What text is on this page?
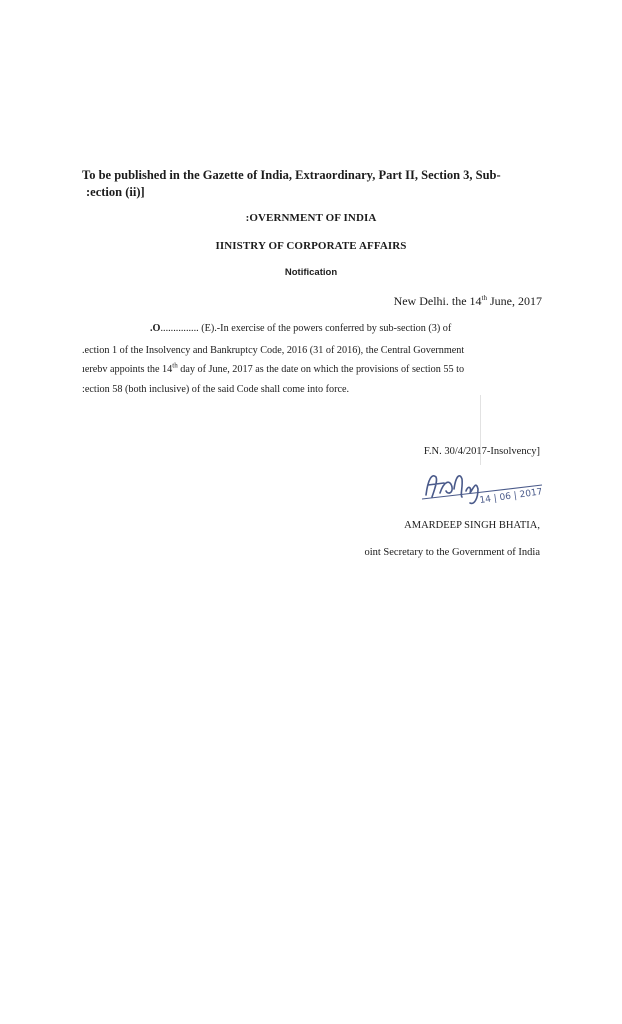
To be published in the Gazette of India, Extraordinary, Part II, Section 3, Sub-
:ection (ii)]
:OVERNMENT OF INDIA
IINISTRY OF CORPORATE AFFAIRS
Notification
New Delhi. the 14th June, 2017
.O............... (E).-In exercise of the powers conferred by sub-section (3) of
.ection 1 of the Insolvency and Bankruptcy Code, 2016 (31 of 2016), the Central Government
ıerebv appoints the 14th day of June, 2017 as the date on which the provisions of section 55 to
:ection 58 (both inclusive) of the said Code shall come into force.
F.N. 30/4/2017-Insolvency]
14 | 06 | 2017
AMARDEEP SINGH BHATIA,
oint Secretary to the Government of India
